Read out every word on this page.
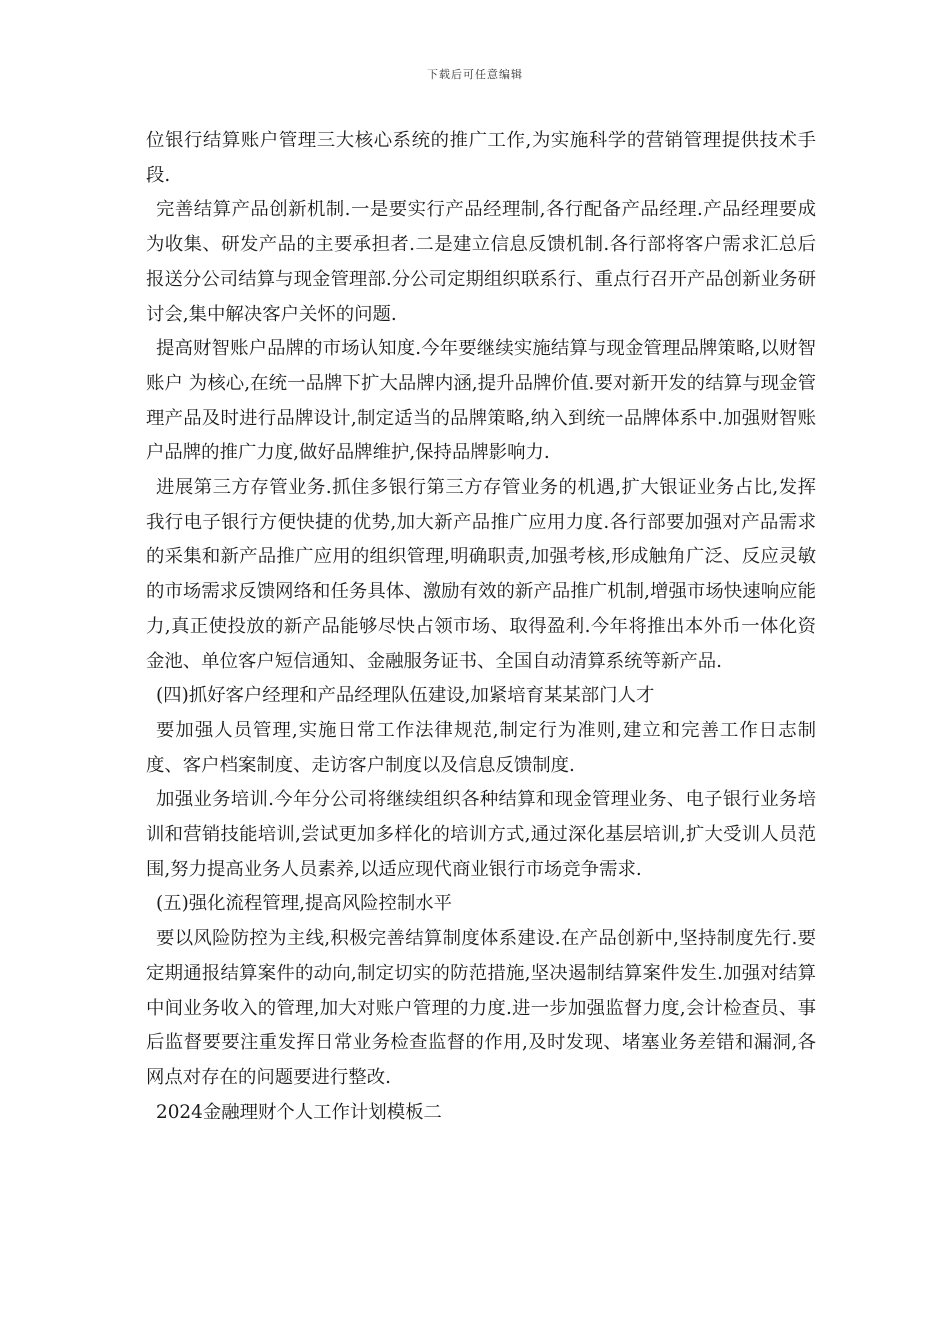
下载后可任意编辑

位银行结算账户管理三大核心系统的推广工作,为实施科学的营销管理提供技术手段.

完善结算产品创新机制.一是要实行产品经理制,各行配备产品经理.产品经理要成为收集、研发产品的主要承担者.二是建立信息反馈机制.各行部将客户需求汇总后报送分公司结算与现金管理部.分公司定期组织联系行、重点行召开产品创新业务研讨会,集中解决客户关怀的问题.

提高财智账户品牌的市场认知度.今年要继续实施结算与现金管理品牌策略,以财智账户 为核心,在统一品牌下扩大品牌内涵,提升品牌价值.要对新开发的结算与现金管理产品及时进行品牌设计,制定适当的品牌策略,纳入到统一品牌体系中.加强财智账户品牌的推广力度,做好品牌维护,保持品牌影响力.

进展第三方存管业务.抓住多银行第三方存管业务的机遇,扩大银证业务占比,发挥我行电子银行方便快捷的优势,加大新产品推广应用力度.各行部要加强对产品需求的采集和新产品推广应用的组织管理,明确职责,加强考核,形成触角广泛、反应灵敏的市场需求反馈网络和任务具体、激励有效的新产品推广机制,增强市场快速响应能力,真正使投放的新产品能够尽快占领市场、取得盈利.今年将推出本外币一体化资金池、单位客户短信通知、金融服务证书、全国自动清算系统等新产品.

(四)抓好客户经理和产品经理队伍建设,加紧培育某某部门人才

要加强人员管理,实施日常工作法律规范,制定行为准则,建立和完善工作日志制度、客户档案制度、走访客户制度以及信息反馈制度.

加强业务培训.今年分公司将继续组织各种结算和现金管理业务、电子银行业务培训和营销技能培训,尝试更加多样化的培训方式,通过深化基层培训,扩大受训人员范围,努力提高业务人员素养,以适应现代商业银行市场竞争需求.

(五)强化流程管理,提高风险控制水平

要以风险防控为主线,积极完善结算制度体系建设.在产品创新中,坚持制度先行.要定期通报结算案件的动向,制定切实的防范措施,坚决遏制结算案件发生.加强对结算中间业务收入的管理,加大对账户管理的力度.进一步加强监督力度,会计检查员、事后监督要要注重发挥日常业务检查监督的作用,及时发现、堵塞业务差错和漏洞,各网点对存在的问题要进行整改.

2024金融理财个人工作计划模板二
